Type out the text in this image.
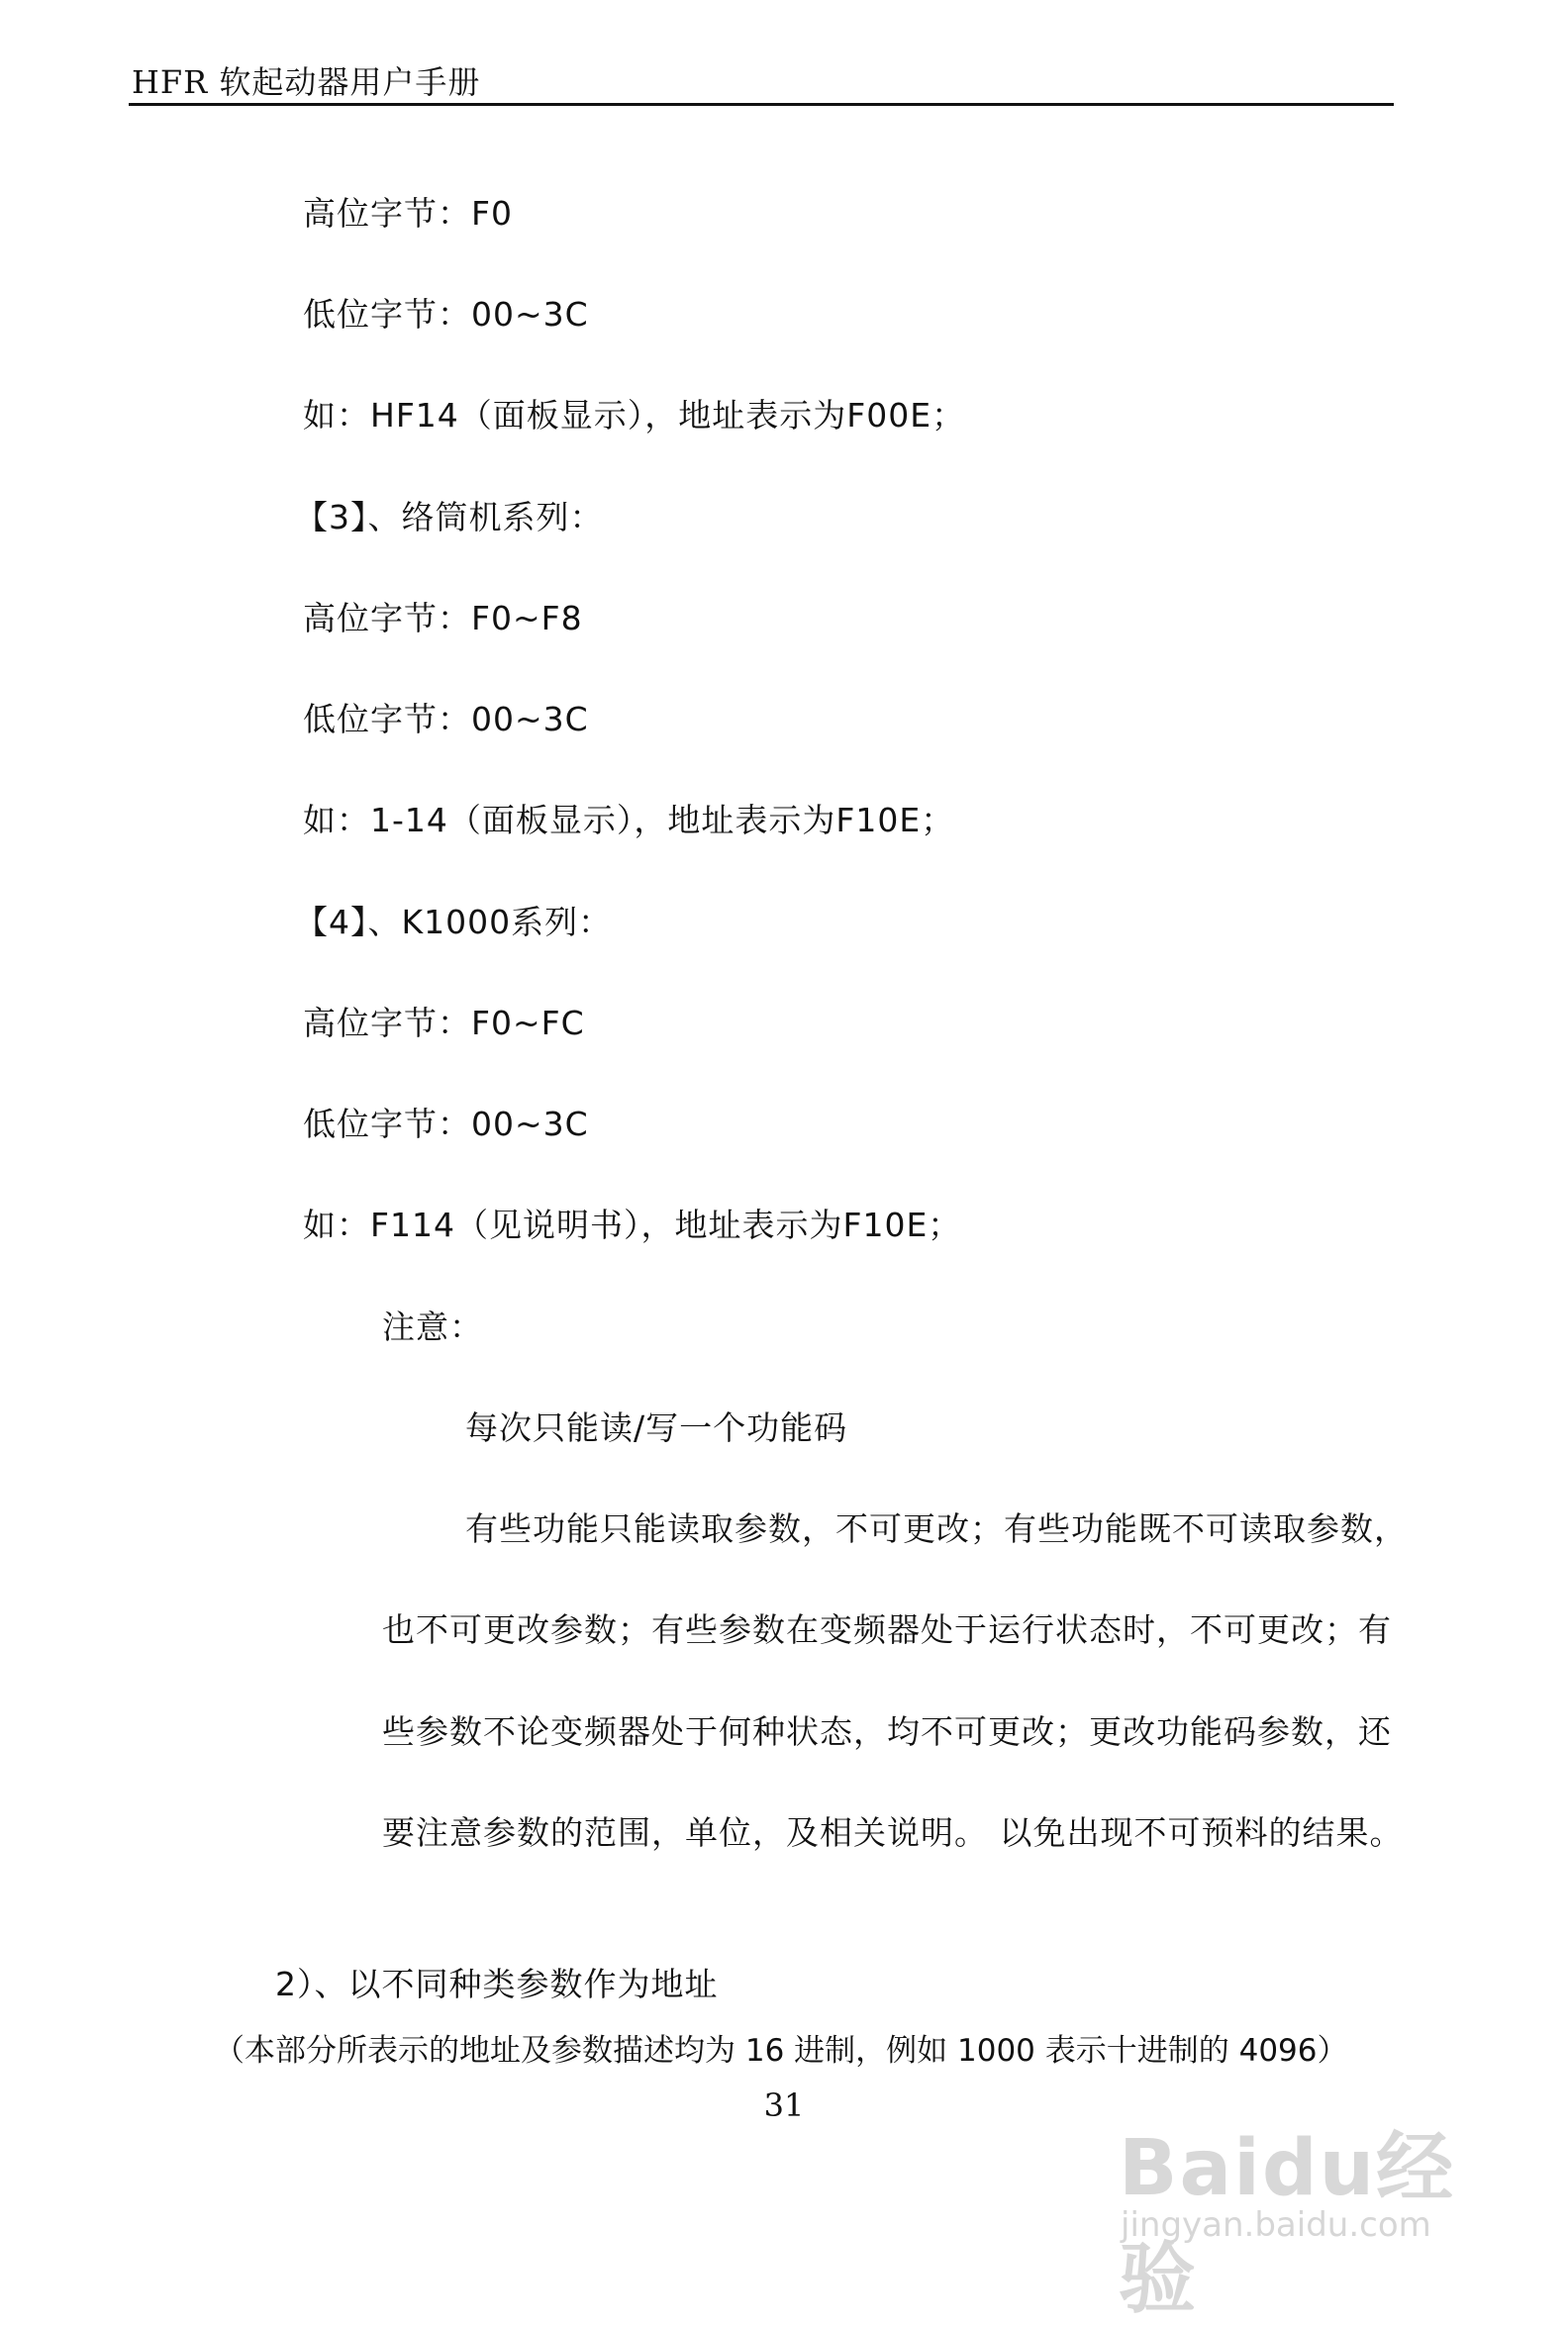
HFR 软起动器用户手册
高位字节：F0
低位字节：00~3C
如：HF14（面板显示），地址表示为F00E；
【3】、络筒机系列：
高位字节：F0~F8
低位字节：00~3C
如：1-14（面板显示），地址表示为F10E；
【4】、K1000系列：
高位字节：F0~FC
低位字节：00~3C
如：F114（见说明书），地址表示为F10E；
注意：
每次只能读/写一个功能码
有些功能只能读取参数，不可更改；有些功能既不可读取参数，
也不可更改参数；有些参数在变频器处于运行状态时，不可更改；有
些参数不论变频器处于何种状态，均不可更改；更改功能码参数，还
要注意参数的范围，单位，及相关说明。 以免出现不可预料的结果。
2）、以不同种类参数作为地址
（本部分所表示的地址及参数描述均为 16 进制，例如 1000 表示十进制的 4096）
31
Baidu经验
jingyan.baidu.com
